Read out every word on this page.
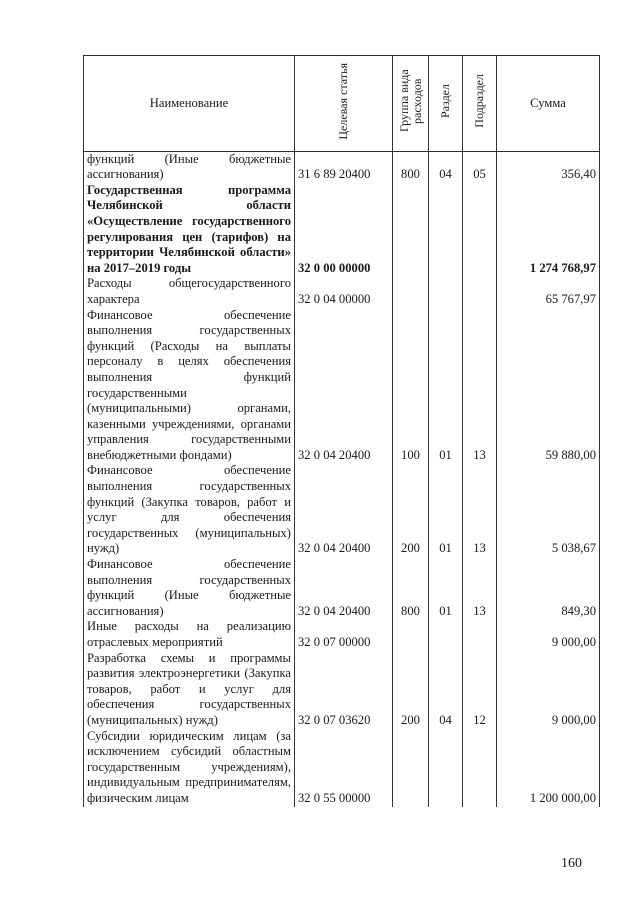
Наименование	Целевая статья	Группа вида расходов	Раздел	Подраздел	Сумма
функций (Иные бюджетные ассигнования)	31 6 89 20400	800	04	05	356,40
Государственная программа Челябинской области «Осуществление государственного регулирования цен (тарифов) на территории Челябинской области» на 2017–2019 годы	32 0 00 00000				1 274 768,97
Расходы общегосударственного характера	32 0 04 00000				65 767,97
Финансовое обеспечение выполнения государственных функций (Расходы на выплаты персоналу в целях обеспечения выполнения функций государственными (муниципальными) органами, казенными учреждениями, органами управления государственными внебюджетными фондами)	32 0 04 20400	100	01	13	59 880,00
Финансовое обеспечение выполнения государственных функций (Закупка товаров, работ и услуг для обеспечения государственных (муниципальных) нужд)	32 0 04 20400	200	01	13	5 038,67
Финансовое обеспечение выполнения государственных функций (Иные бюджетные ассигнования)	32 0 04 20400	800	01	13	849,30
Иные расходы на реализацию отраслевых мероприятий	32 0 07 00000				9 000,00
Разработка схемы и программы развития электроэнергетики (Закупка товаров, работ и услуг для обеспечения государственных (муниципальных) нужд)	32 0 07 03620	200	04	12	9 000,00
Субсидии юридическим лицам (за исключением субсидий областным государственным учреждениям), индивидуальным предпринимателям, физическим лицам	32 0 55 00000				1 200 000,00
160
